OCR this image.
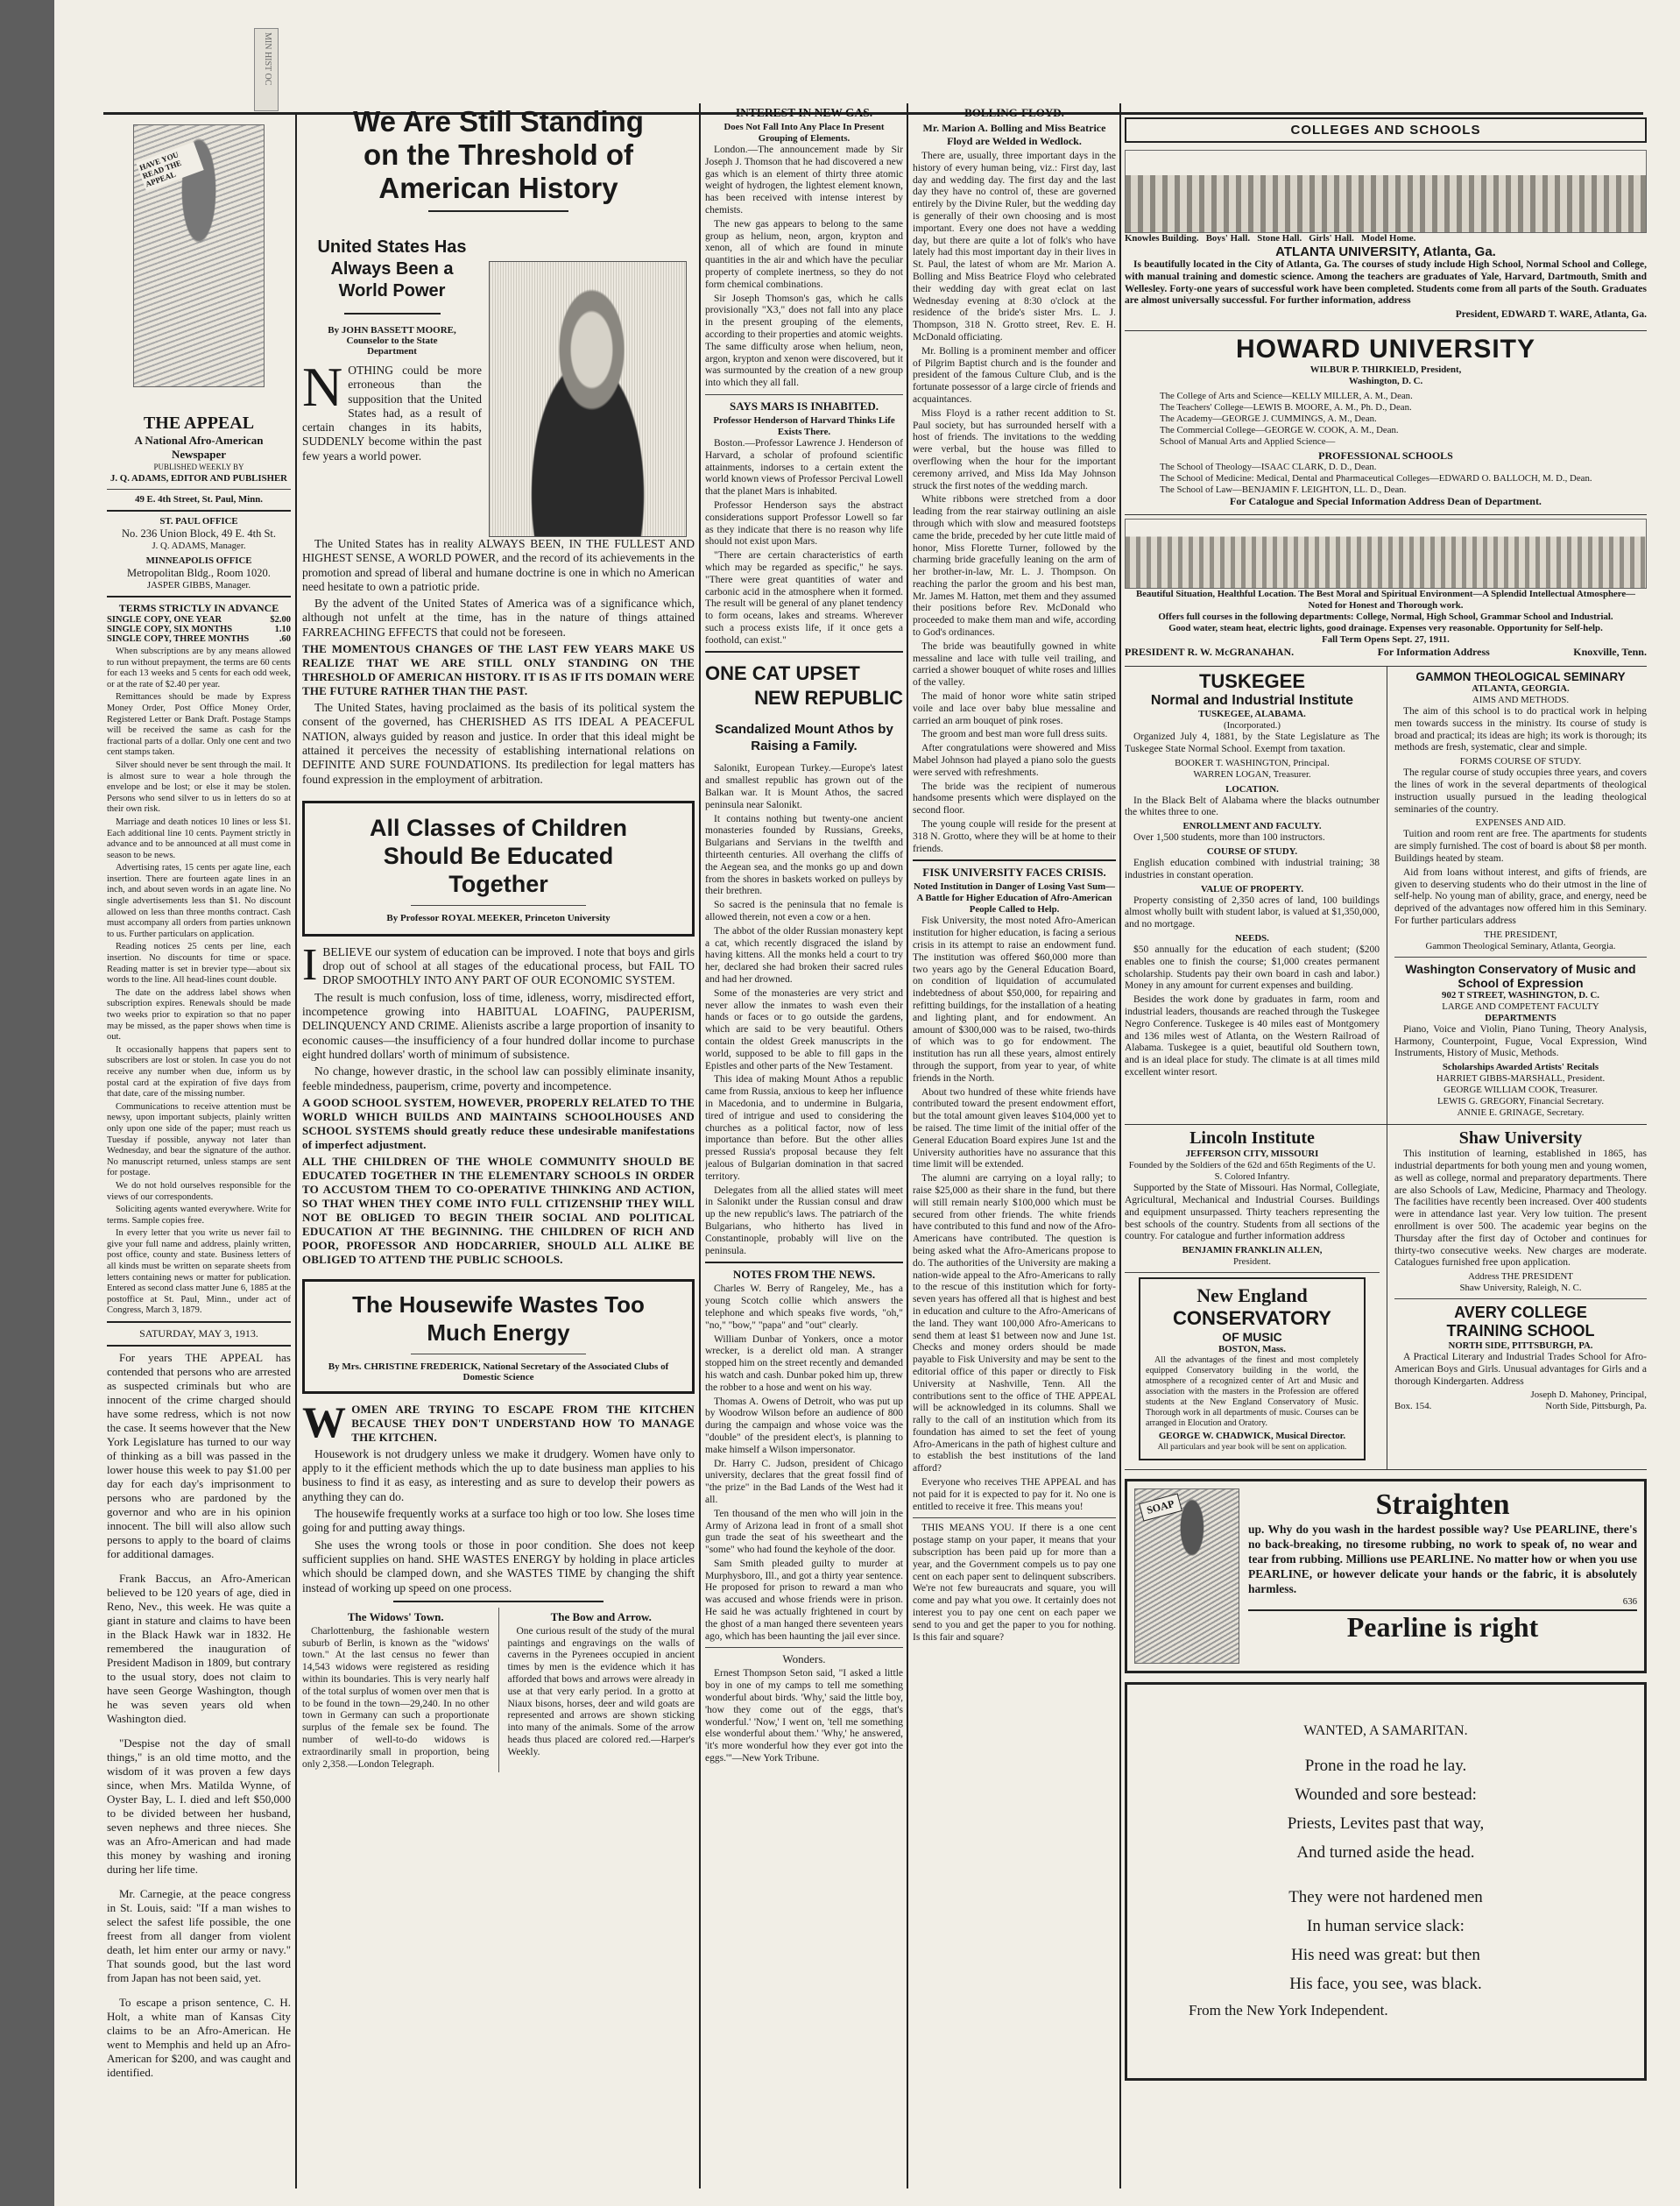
MIN HIST OC
HAVE YOU READ THE APPEAL
THE APPEAL
A National Afro-American Newspaper
PUBLISHED WEEKLY BY
J. Q. ADAMS, EDITOR AND PUBLISHER
49 E. 4th Street, St. Paul, Minn.
ST. PAUL OFFICE
No. 236 Union Block, 49 E. 4th St.
J. Q. ADAMS, Manager.
MINNEAPOLIS OFFICE
Metropolitan Bldg., Room 1020.
JASPER GIBBS, Manager.
TERMS STRICTLY IN ADVANCE
SINGLE COPY, ONE YEAR	$2.00
SINGLE COPY, SIX MONTHS	1.10
SINGLE COPY, THREE MONTHS	.60
When subscriptions are by any means allowed to run without prepayment, the terms are 60 cents for each 13 weeks and 5 cents for each odd week, or at the rate of $2.40 per year.
Remittances should be made by Express Money Order, Post Office Money Order, Registered Letter or Bank Draft. Postage Stamps will be received the same as cash for the fractional parts of a dollar. Only one cent and two cent stamps taken.
Silver should never be sent through the mail. It is almost sure to wear a hole through the envelope and be lost; or else it may be stolen. Persons who send silver to us in letters do so at their own risk.
Marriage and death notices 10 lines or less $1. Each additional line 10 cents. Payment strictly in advance and to be announced at all must come in season to be news.
Advertising rates, 15 cents per agate line, each insertion. There are fourteen agate lines in an inch, and about seven words in an agate line. No single advertisements less than $1. No discount allowed on less than three months contract. Cash must accompany all orders from parties unknown to us. Further particulars on application.
Reading notices 25 cents per line, each insertion. No discounts for time or space. Reading matter is set in brevier type—about six words to the line. All head-lines count double.
The date on the address label shows when subscription expires. Renewals should be made two weeks prior to expiration so that no paper may be missed, as the paper shows when time is out.
It occasionally happens that papers sent to subscribers are lost or stolen. In case you do not receive any number when due, inform us by postal card at the expiration of five days from that date, care of the missing number.
Communications to receive attention must be newsy, upon important subjects, plainly written only upon one side of the paper; must reach us Tuesday if possible, anyway not later than Wednesday, and bear the signature of the author. No manuscript returned, unless stamps are sent for postage.
We do not hold ourselves responsible for the views of our correspondents.
Soliciting agents wanted everywhere. Write for terms. Sample copies free.
In every letter that you write us never fail to give your full name and address, plainly written, post office, county and state. Business letters of all kinds must be written on separate sheets from letters containing news or matter for publication. Entered as second class matter June 6, 1885 at the postoffice at St. Paul, Minn., under act of Congress, March 3, 1879.
SATURDAY, MAY 3, 1913.
For years THE APPEAL has contended that persons who are arrested as suspected criminals but who are innocent of the crime charged should have some redress, which is not now the case. It seems however that the New York Legislature has turned to our way of thinking as a bill was passed in the lower house this week to pay $1.00 per day for each day's imprisonment to persons who are pardoned by the governor and who are in his opinion innocent. The bill will also allow such persons to apply to the board of claims for additional damages.
Frank Baccus, an Afro-American believed to be 120 years of age, died in Reno, Nev., this week. He was quite a giant in stature and claims to have been in the Black Hawk war in 1832. He remembered the inauguration of President Madison in 1809, but contrary to the usual story, does not claim to have seen George Washington, though he was seven years old when Washington died.
"Despise not the day of small things," is an old time motto, and the wisdom of it was proven a few days since, when Mrs. Matilda Wynne, of Oyster Bay, L. I. died and left $50,000 to be divided between her husband, seven nephews and three nieces. She was an Afro-American and had made this money by washing and ironing during her life time.
Mr. Carnegie, at the peace congress in St. Louis, said: "If a man wishes to select the safest life possible, the one freest from all danger from violent death, let him enter our army or navy." That sounds good, but the last word from Japan has not been said, yet.
To escape a prison sentence, C. H. Holt, a white man of Kansas City claims to be an Afro-American. He went to Memphis and held up an Afro-American for $200, and was caught and identified.
We Are Still Standing
on the Threshold of
American History
United States Has
Always Been a
World Power
By JOHN BASSETT MOORE,
Counselor to the State Department
NOTHING could be more erroneous than the supposition that the United States had, as a result of certain changes in its habits, SUDDENLY become within the past few years a world power.
The United States has in reality ALWAYS BEEN, IN THE FULLEST AND HIGHEST SENSE, A WORLD POWER, and the record of its achievements in the promotion and spread of liberal and humane doctrine is one in which no American need hesitate to own a patriotic pride.
By the advent of the United States of America was of a significance which, although not unfelt at the time, has in the nature of things attained FARREACHING EFFECTS that could not be foreseen.
THE MOMENTOUS CHANGES OF THE LAST FEW YEARS MAKE US REALIZE THAT WE ARE STILL ONLY STANDING ON THE THRESHOLD OF AMERICAN HISTORY. IT IS AS IF ITS DOMAIN WERE THE FUTURE RATHER THAN THE PAST.
The United States, having proclaimed as the basis of its political system the consent of the governed, has CHERISHED AS ITS IDEAL A PEACEFUL NATION, always guided by reason and justice. In order that this ideal might be attained it perceives the necessity of establishing international relations on DEFINITE AND SURE FOUNDATIONS. Its predilection for legal matters has found expression in the employment of arbitration.
All Classes of Children
Should Be Educated
Together
By Professor ROYAL MEEKER, Princeton University
IBELIEVE our system of education can be improved. I note that boys and girls drop out of school at all stages of the educational process, but FAIL TO DROP SMOOTHLY INTO ANY PART OF OUR ECONOMIC SYSTEM.
The result is much confusion, loss of time, idleness, worry, misdirected effort, incompetence growing into HABITUAL LOAFING, PAUPERISM, DELINQUENCY AND CRIME. Alienists ascribe a large proportion of insanity to economic causes—the insufficiency of a four hundred dollar income to purchase eight hundred dollars' worth of minimum of subsistence.
No change, however drastic, in the school law can possibly eliminate insanity, feeble mindedness, pauperism, crime, poverty and incompetence.
A GOOD SCHOOL SYSTEM, HOWEVER, PROPERLY RELATED TO THE WORLD WHICH BUILDS AND MAINTAINS SCHOOLHOUSES AND SCHOOL SYSTEMS should greatly reduce these undesirable manifestations of imperfect adjustment.
ALL THE CHILDREN OF THE WHOLE COMMUNITY SHOULD BE EDUCATED TOGETHER IN THE ELEMENTARY SCHOOLS IN ORDER TO ACCUSTOM THEM TO CO-OPERATIVE THINKING AND ACTION, SO THAT WHEN THEY COME INTO FULL CITIZENSHIP THEY WILL NOT BE OBLIGED TO BEGIN THEIR SOCIAL AND POLITICAL EDUCATION AT THE BEGINNING. THE CHILDREN OF RICH AND POOR, PROFESSOR AND HODCARRIER, SHOULD ALL ALIKE BE OBLIGED TO ATTEND THE PUBLIC SCHOOLS.
The Housewife Wastes Too
Much Energy
By Mrs. CHRISTINE FREDERICK, National Secretary of the Associated Clubs of Domestic Science
WOMEN ARE TRYING TO ESCAPE FROM THE KITCHEN BECAUSE THEY DON'T UNDERSTAND HOW TO MANAGE THE KITCHEN.
Housework is not drudgery unless we make it drudgery. Women have only to apply to it the efficient methods which the up to date business man applies to his business to find it as easy, as interesting and as sure to develop their powers as anything they can do.
The housewife frequently works at a surface too high or too low. She loses time going for and putting away things.
She uses the wrong tools or those in poor condition. She does not keep sufficient supplies on hand. SHE WASTES ENERGY by holding in place articles which should be clamped down, and she WASTES TIME by changing the shift instead of working up speed on one process.
The Widows' Town.
Charlottenburg, the fashionable western suburb of Berlin, is known as the "widows' town." At the last census no fewer than 14,543 widows were registered as residing within its boundaries. This is very nearly half of the total surplus of women over men that is to be found in the town—29,240. In no other town in Germany can such a proportionate surplus of the female sex be found. The number of well-to-do widows is extraordinarily small in proportion, being only 2,358.—London Telegraph.
The Bow and Arrow.
One curious result of the study of the mural paintings and engravings on the walls of caverns in the Pyrenees occupied in ancient times by men is the evidence which it has afforded that bows and arrows were already in use at that very early period. In a grotto at Niaux bisons, horses, deer and wild goats are represented and arrows are shown sticking into many of the animals. Some of the arrow heads thus placed are colored red.—Harper's Weekly.
INTEREST IN NEW GAS.
Does Not Fall Into Any Place In Present Grouping of Elements.
London.—The announcement made by Sir Joseph J. Thomson that he had discovered a new gas which is an element of thirty three atomic weight of hydrogen, the lightest element known, has been received with intense interest by chemists.
The new gas appears to belong to the same group as helium, neon, argon, krypton and xenon, all of which are found in minute quantities in the air and which have the peculiar property of complete inertness, so they do not form chemical combinations.
Sir Joseph Thomson's gas, which he calls provisionally "X3," does not fall into any place in the present grouping of the elements, according to their properties and atomic weights. The same difficulty arose when helium, neon, argon, krypton and xenon were discovered, but it was surmounted by the creation of a new group into which they all fall.
SAYS MARS IS INHABITED.
Professor Henderson of Harvard Thinks Life Exists There.
Boston.—Professor Lawrence J. Henderson of Harvard, a scholar of profound scientific attainments, indorses to a certain extent the world known views of Professor Percival Lowell that the planet Mars is inhabited.
Professor Henderson says the abstract considerations support Professor Lowell so far as they indicate that there is no reason why life should not exist upon Mars.
"There are certain characteristics of earth which may be regarded as specific," he says. "There were great quantities of water and carbonic acid in the atmosphere when it formed. The result will be general of any planet tendency to form oceans, lakes and streams. Wherever such a process exists life, if it once gets a foothold, can exist."
ONE CAT UPSET
NEW REPUBLIC
Scandalized Mount Athos by
Raising a Family.
Salonikt, European Turkey.—Europe's latest and smallest republic has grown out of the Balkan war. It is Mount Athos, the sacred peninsula near Salonikt.
It contains nothing but twenty-one ancient monasteries founded by Russians, Greeks, Bulgarians and Servians in the twelfth and thirteenth centuries. All overhang the cliffs of the Aegean sea, and the monks go up and down from the shores in baskets worked on pulleys by their brethren.
So sacred is the peninsula that no female is allowed therein, not even a cow or a hen.
The abbot of the older Russian monastery kept a cat, which recently disgraced the island by having kittens. All the monks held a court to try her, declared she had broken their sacred rules and had her drowned.
Some of the monasteries are very strict and never allow the inmates to wash even their hands or faces or to go outside the gardens, which are said to be very beautiful. Others contain the oldest Greek manuscripts in the world, supposed to be able to fill gaps in the Epistles and other parts of the New Testament.
This idea of making Mount Athos a republic came from Russia, anxious to keep her influence in Macedonia, and to undermine in Bulgaria, tired of intrigue and used to considering the churches as a political factor, now of less importance than before. But the other allies pressed Russia's proposal because they felt jealous of Bulgarian domination in that sacred territory.
Delegates from all the allied states will meet in Salonikt under the Russian consul and draw up the new republic's laws. The patriarch of the Bulgarians, who hitherto has lived in Constantinople, probably will live on the peninsula.
NOTES FROM THE NEWS.
Charles W. Berry of Rangeley, Me., has a young Scotch collie which answers the telephone and which speaks five words, "oh," "no," "bow," "papa" and "out" clearly.
William Dunbar of Yonkers, once a motor wrecker, is a derelict old man. A stranger stopped him on the street recently and demanded his watch and cash. Dunbar poked him up, threw the robber to a hose and went on his way.
Thomas A. Owens of Detroit, who was put up by Woodrow Wilson before an audience of 800 during the campaign and whose voice was the "double" of the president elect's, is planning to make himself a Wilson impersonator.
Dr. Harry C. Judson, president of Chicago university, declares that the great fossil find of "the prize" in the Bad Lands of the West had it all.
Ten thousand of the men who will join in the Army of Arizona lead in front of a small shot gun trade the seat of his sweetheart and the "some" who had found the keyhole of the door.
Sam Smith pleaded guilty to murder at Murphysboro, Ill., and got a thirty year sentence. He proposed for prison to reward a man who was accused and whose friends were in prison. He said he was actually frightened in court by the ghost of a man hanged there seventeen years ago, which has been haunting the jail ever since.
Wonders.
Ernest Thompson Seton said, "I asked a little boy in one of my camps to tell me something wonderful about birds. 'Why,' said the little boy, 'how they come out of the eggs, that's wonderful.' 'Now,' I went on, 'tell me something else wonderful about them.' 'Why,' he answered, 'it's more wonderful how they ever got into the eggs.'"—New York Tribune.
BOLLING-FLOYD.
Mr. Marion A. Bolling and Miss Beatrice Floyd are Welded in Wedlock.
There are, usually, three important days in the history of every human being, viz.: First day, last day and wedding day. The first day and the last day they have no control of, these are governed entirely by the Divine Ruler, but the wedding day is generally of their own choosing and is most important. Every one does not have a wedding day, but there are quite a lot of folk's who have lately had this most important day in their lives in St. Paul, the latest of whom are Mr. Marion A. Bolling and Miss Beatrice Floyd who celebrated their wedding day with great eclat on last Wednesday evening at 8:30 o'clock at the residence of the bride's sister Mrs. L. J. Thompson, 318 N. Grotto street, Rev. E. H. McDonald officiating.
Mr. Bolling is a prominent member and officer of Pilgrim Baptist church and is the founder and president of the famous Culture Club, and is the fortunate possessor of a large circle of friends and acquaintances.
Miss Floyd is a rather recent addition to St. Paul society, but has surrounded herself with a host of friends. The invitations to the wedding were verbal, but the house was filled to overflowing when the hour for the important ceremony arrived, and Miss Ida May Johnson struck the first notes of the wedding march.
White ribbons were stretched from a door leading from the rear stairway outlining an aisle through which with slow and measured footsteps came the bride, preceded by her cute little maid of honor, Miss Florette Turner, followed by the charming bride gracefully leaning on the arm of her brother-in-law, Mr. L. J. Thompson. On reaching the parlor the groom and his best man, Mr. James M. Hatton, met them and they assumed their positions before Rev. McDonald who proceeded to make them man and wife, according to God's ordinances.
The bride was beautifully gowned in white messaline and lace with tulle veil trailing, and carried a shower bouquet of white roses and lillies of the valley.
The maid of honor wore white satin striped voile and lace over baby blue messaline and carried an arm bouquet of pink roses.
The groom and best man wore full dress suits.
After congratulations were showered and Miss Mabel Johnson had played a piano solo the guests were served with refreshments.
The bride was the recipient of numerous handsome presents which were displayed on the second floor.
The young couple will reside for the present at 318 N. Grotto, where they will be at home to their friends.
FISK UNIVERSITY FACES CRISIS.
Noted Institution in Danger of Losing Vast Sum—A Battle for Higher Education of Afro-American People Called to Help.
Fisk University, the most noted Afro-American institution for higher education, is facing a serious crisis in its attempt to raise an endowment fund. The institution was offered $60,000 more than two years ago by the General Education Board, on condition of liquidation of accumulated indebtedness of about $50,000, for repairing and refitting buildings, for the installation of a heating and lighting plant, and for endowment. An amount of $300,000 was to be raised, two-thirds of which was to go for endowment. The institution has run all these years, almost entirely through the support, from year to year, of white friends in the North.
About two hundred of these white friends have contributed toward the present endowment effort, but the total amount given leaves $104,000 yet to be raised. The time limit of the initial offer of the General Education Board expires June 1st and the University authorities have no assurance that this time limit will be extended.
The alumni are carrying on a loyal rally; to raise $25,000 as their share in the fund, but there will still remain nearly $100,000 which must be secured from other friends. The white friends have contributed to this fund and now of the Afro-Americans have contributed. The question is being asked what the Afro-Americans propose to do. The authorities of the University are making a nation-wide appeal to the Afro-Americans to rally to the rescue of this institution which for forty-seven years has offered all that is highest and best in education and culture to the Afro-Americans of the land. They want 100,000 Afro-Americans to send them at least $1 between now and June 1st. Checks and money orders should be made payable to Fisk University and may be sent to the editorial office of this paper or directly to Fisk University at Nashville, Tenn. All the contributions sent to the office of THE APPEAL will be acknowledged in its columns. Shall we rally to the call of an institution which from its foundation has aimed to set the feet of young Afro-Americans in the path of highest culture and to establish the best institutions of the land afford?
Everyone who receives THE APPEAL and has not paid for it is expected to pay for it. No one is entitled to receive it free. This means you!
THIS MEANS YOU. If there is a one cent postage stamp on your paper, it means that your subscription has been paid up for more than a year, and the Government compels us to pay one cent on each paper sent to delinquent subscribers. We're not few bureaucrats and square, you will come and pay what you owe. It certainly does not interest you to pay one cent on each paper we send to you and get the paper to you for nothing. Is this fair and square?
COLLEGES AND SCHOOLS
Knowles Building.   Boys' Hall.   Stone Hall.   Girls' Hall.   Model Home.
ATLANTA UNIVERSITY, Atlanta, Ga.
Is beautifully located in the City of Atlanta, Ga. The courses of study include High School, Normal School and College, with manual training and domestic science. Among the teachers are graduates of Yale, Harvard, Dartmouth, Smith and Wellesley. Forty-one years of successful work have been completed. Students come from all parts of the South. Graduates are almost universally successful. For further information, address
President, EDWARD T. WARE, Atlanta, Ga.
HOWARD UNIVERSITY
WILBUR P. THIRKIELD, President,
Washington, D. C.
The College of Arts and Science—KELLY MILLER, A. M., Dean.
The Teachers' College—LEWIS B. MOORE, A. M., Ph. D., Dean.
The Academy—GEORGE J. CUMMINGS, A. M., Dean.
The Commercial College—GEORGE W. COOK, A. M., Dean.
School of Manual Arts and Applied Science—
PROFESSIONAL SCHOOLS
The School of Theology—ISAAC CLARK, D. D., Dean.
The School of Medicine: Medical, Dental and Pharmaceutical Colleges—EDWARD O. BALLOCH, M. D., Dean.
The School of Law—BENJAMIN F. LEIGHTON, LL. D., Dean.
For Catalogue and Special Information Address Dean of Department.
Beautiful Situation, Healthful Location. The Best Moral and Spiritual Environment—A Splendid Intellectual Atmosphere—Noted for Honest and Thorough work.
Offers full courses in the following departments: College, Normal, High School, Grammar School and Industrial.
Good water, steam heat, electric lights, good drainage. Expenses very reasonable. Opportunity for Self-help.
Fall Term Opens Sept. 27, 1911.
PRESIDENT R. W. McGRANAHAN.	For Information Address	Knoxville, Tenn.
TUSKEGEE
Normal and Industrial Institute
TUSKEGEE, ALABAMA.
(Incorporated.)
Organized July 4, 1881, by the State Legislature as The Tuskegee State Normal School. Exempt from taxation.
BOOKER T. WASHINGTON, Principal.
WARREN LOGAN, Treasurer.
LOCATION.
In the Black Belt of Alabama where the blacks outnumber the whites three to one.
ENROLLMENT AND FACULTY.
Over 1,500 students, more than 100 instructors.
COURSE OF STUDY.
English education combined with industrial training; 38 industries in constant operation.
VALUE OF PROPERTY.
Property consisting of 2,350 acres of land, 100 buildings almost wholly built with student labor, is valued at $1,350,000, and no mortgage.
NEEDS.
$50 annually for the education of each student; ($200 enables one to finish the course; $1,000 creates permanent scholarship. Students pay their own board in cash and labor.) Money in any amount for current expenses and building.
Besides the work done by graduates in farm, room and industrial leaders, thousands are reached through the Tuskegee Negro Conference. Tuskegee is 40 miles east of Montgomery and 136 miles west of Atlanta, on the Western Railroad of Alabama. Tuskegee is a quiet, beautiful old Southern town, and is an ideal place for study. The climate is at all times mild excellent winter resort.
GAMMON THEOLOGICAL SEMINARY
ATLANTA, GEORGIA.
AIMS AND METHODS.
The aim of this school is to do practical work in helping men towards success in the ministry. Its course of study is broad and practical; its ideas are high; its work is thorough; its methods are fresh, systematic, clear and simple.
FORMS COURSE OF STUDY.
The regular course of study occupies three years, and covers the lines of work in the several departments of theological instruction usually pursued in the leading theological seminaries of the country.
EXPENSES AND AID.
Tuition and room rent are free. The apartments for students are simply furnished. The cost of board is about $8 per month. Buildings heated by steam.
Aid from loans without interest, and gifts of friends, are given to deserving students who do their utmost in the line of self-help. No young man of ability, grace, and energy, need be deprived of the advantages now offered him in this Seminary. For further particulars address
THE PRESIDENT,
Gammon Theological Seminary, Atlanta, Georgia.
Washington Conservatory of Music and School of Expression
902 T STREET, WASHINGTON, D. C.
LARGE AND COMPETENT FACULTY
DEPARTMENTS
Piano, Voice and Violin, Piano Tuning, Theory Analysis, Harmony, Counterpoint, Fugue, Vocal Expression, Wind Instruments, History of Music, Methods.
Scholarships Awarded Artists' Recitals
HARRIET GIBBS-MARSHALL, President.
GEORGE WILLIAM COOK, Treasurer.
LEWIS G. GREGORY, Financial Secretary.
ANNIE E. GRINAGE, Secretary.
Lincoln Institute
JEFFERSON CITY, MISSOURI
Founded by the Soldiers of the 62d and 65th Regiments of the U. S. Colored Infantry.
Supported by the State of Missouri. Has Normal, Collegiate, Agricultural, Mechanical and Industrial Courses. Buildings and equipment unsurpassed. Thirty teachers representing the best schools of the country. Students from all sections of the country. For catalogue and further information address
BENJAMIN FRANKLIN ALLEN,
President.
New England
CONSERVATORY
OF MUSIC
BOSTON, Mass.
All the advantages of the finest and most completely equipped Conservatory building in the world, the atmosphere of a recognized center of Art and Music and association with the masters in the Profession are offered students at the New England Conservatory of Music. Thorough work in all departments of music. Courses can be arranged in Elocution and Oratory.
GEORGE W. CHADWICK, Musical Director.
All particulars and year book will be sent on application.
Shaw University
This institution of learning, established in 1865, has industrial departments for both young men and young women, as well as college, normal and preparatory departments. There are also Schools of Law, Medicine, Pharmacy and Theology. The facilities have recently been increased. Over 400 students were in attendance last year. Very low tuition. The present enrollment is over 500. The academic year begins on the Thursday after the first day of October and continues for thirty-two consecutive weeks. New charges are moderate. Catalogues furnished free upon application.
Address THE PRESIDENT
Shaw University, Raleigh, N. C.
AVERY COLLEGE
TRAINING SCHOOL
NORTH SIDE, PITTSBURGH, PA.
A Practical Literary and Industrial Trades School for Afro-American Boys and Girls. Unusual advantages for Girls and a thorough Kindergarten. Address
Joseph D. Mahoney, Principal,
Box. 154.	North Side, Pittsburgh, Pa.
SOAP	Straighten
up. Why do you wash in the hardest possible way? Use PEARLINE, there's no back-breaking, no tiresome rubbing, no work to speak of, no wear and tear from rubbing. Millions use PEARLINE. No matter how or when you use PEARLINE, or however delicate your hands or the fabric, it is absolutely harmless.
636
Pearline is right
WANTED, A SAMARITAN.
Prone in the road he lay.
Wounded and sore bestead:
Priests, Levites past that way,
And turned aside the head.
They were not hardened men
In human service slack:
His need was great: but then
His face, you see, was black.
From the New York Independent.
